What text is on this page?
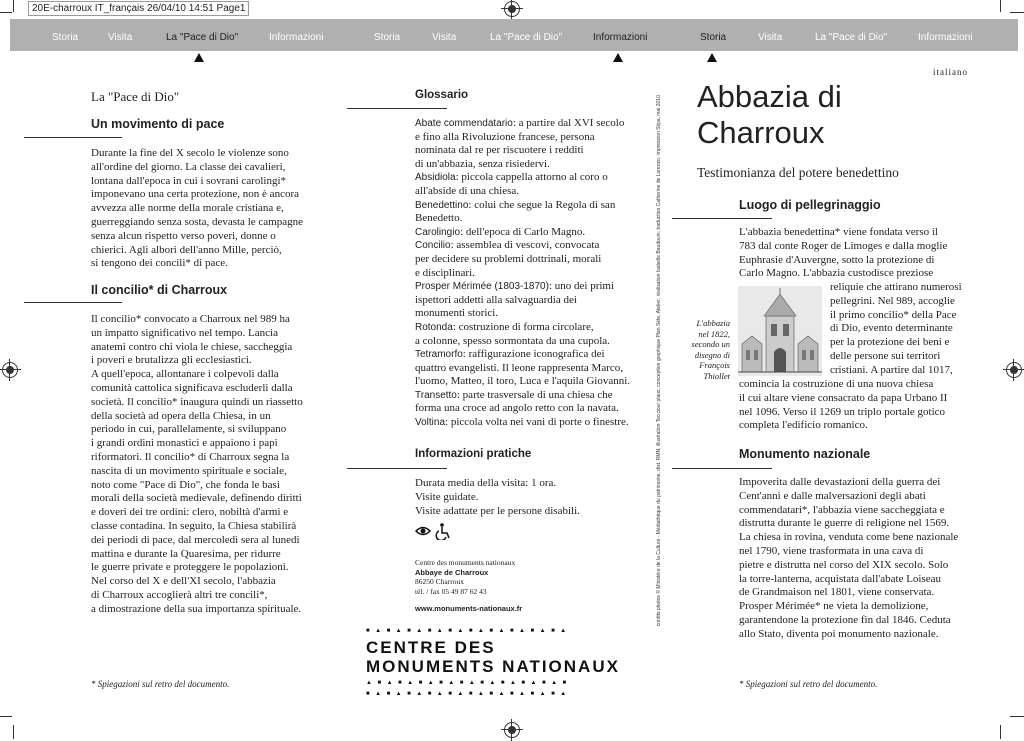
20E-charroux IT_français 26/04/10 14:51 Page1
Storia	Visita	La "Pace di Dio"	Informazioni	Storia	Visita	La "Pace di Dio"	Informazioni	Storia	Visita	La "Pace di Dio"	Informazioni
La "Pace di Dio"
Un movimento di pace
Durante la fine del X secolo le violenze sono
all'ordine del giorno. La classe dei cavalieri,
lontana dall'epoca in cui i sovrani carolingi*
imponevano una certa protezione, non è ancora
avvezza alle norme della morale cristiana e,
guerreggiando senza sosta, devasta le campagne
senza alcun rispetto verso poveri, donne o
chierici. Agli albori dell'anno Mille, perciò,
si tengono dei concili* di pace.
Il concilio* di Charroux
Il concilio* convocato a Charroux nel 989 ha
un impatto significativo nel tempo. Lancia
anatemi contro chi viola le chiese, saccheggia
i poveri e brutalizza gli ecclesiastici.
A quell'epoca, allontanare i colpevoli dalla
comunità cattolica significava escluderli dalla
società. Il concilio* inaugura quindi un riassetto
della società ad opera della Chiesa, in un
periodo in cui, parallelamente, si sviluppano
i grandi ordini monastici e appaiono i papi
riformatori. Il concilio* di Charroux segna la
nascita di un movimento spirituale e sociale,
noto come "Pace di Dio", che fonda le basi
morali della società medievale, definendo diritti
e doveri dei tre ordini: clero, nobiltà d'armi e
classe contadina. In seguito, la Chiesa stabilirà
dei periodi di pace, dal mercoledì sera al lunedì
mattina e durante la Quaresima, per ridurre
le guerre private e proteggere le popolazioni.
Nel corso del X e dell'XI secolo, l'abbazia
di Charroux accoglierà altri tre concili*,
a dimostrazione della sua importanza spirituale.
* Spiegazioni sul retro del documento.
Glossario

Abate commendatario: a partire dal XVI secolo
e fino alla Rivoluzione francese, persona
nominata dal re per riscuotere i redditi
di un'abbazia, senza risiedervi.

Absidiola: piccola cappella attorno al coro o
all'abside di una chiesa.

Benedettino: colui che segue la Regola di san
Benedetto.

Carolingio: dell'epoca di Carlo Magno.

Concilio: assemblea di vescovi, convocata
per decidere su problemi dottrinali, morali
e disciplinari.

Prosper Mérimée (1803-1870): uno dei primi
ispettori addetti alla salvaguardia dei
monumenti storici.

Rotonda: costruzione di forma circolare,
a colonne, spesso sormontata da una cupola.

Tetramorfo: raffigurazione iconografica dei
quattro evangelisti. Il leone rappresenta Marco,
l'uomo, Matteo, il toro, Luca e l'aquila Giovanni.

Transetto: parte trasversale di una chiesa che
forma una croce ad angolo retto con la navata.

Voltina: piccola volta nei vani di porte o finestre.

Informazioni pratiche
Durata media della visita: 1 ora.
Visite guidate.
Visite adattate per le persone disabili.
Centre des monuments nationaux
Abbaye de Charroux
86250 Charroux
tél. / fax 05 49 87 62 43
www.monuments-nationaux.fr
■ ▲ ■ ▲ ■ ▲ ■ ▲ ■ ▲ ■ ▲ ■ ▲ ■ ▲ ■ ▲ ■ ▲
CENTRE DES
MONUMENTS NATIONAUX
▲ ■ ▲ ■ ▲ ■ ▲ ■ ▲ ■ ▲ ■ ▲ ■ ▲ ■ ▲ ■ ▲ ■
■ ▲ ■ ▲ ■ ▲ ■ ▲ ■ ▲ ■ ▲ ■ ▲ ■ ▲ ■ ▲ ■ ▲
crédits photos © Ministère de la Culture - Médiathèque du patrimoine, dist. RMN; illustration Teo pour plans; conception graphique Plan Sète, Atelier; réalisation Isabelle Baudouin; traduction Catherine de Lorenzo; impression Stipa, mai 2010.
italiano
Abbazia di
Charroux
Testimonianza del potere benedettino
Luogo di pellegrinaggio
L'abbazia benedettina* viene fondata verso il
783 dal conte Roger de Limoges e dalla moglie
Euphrasie d'Auvergne, sotto la protezione di
Carlo Magno. L'abbazia custodisce preziose
reliquie che attirano numerosi
pellegrini. Nel 989, accoglie
il primo concilio* della Pace
di Dio, evento determinante
per la protezione dei beni e
delle persone sui territori
cristiani. A partire dal 1017,
comincia la costruzione di una nuova chiesa
il cui altare viene consacrato da papa Urbano II
nel 1096. Verso il 1269 un triplo portale gotico
completa l'edificio romanico.
L'abbazia
nel 1822,
secondo un
disegno di
François
Thiollet
Monumento nazionale
Impoverita dalle devastazioni della guerra dei
Cent'anni e dalle malversazioni degli abati
commendatari*, l'abbazia viene saccheggiata e
distrutta durante le guerre di religione nel 1569.
La chiesa in rovina, venduta come bene nazionale
nel 1790, viene trasformata in una cava di
pietre e distrutta nel corso del XIX secolo. Solo
la torre-lanterna, acquistata dall'abate Loiseau
de Grandmaison nel 1801, viene conservata.
Prosper Mérimée* ne vieta la demolizione,
garantendone la protezione fin dal 1846. Ceduta
allo Stato, diventa poi monumento nazionale.
* Spiegazioni sul retro del documento.
